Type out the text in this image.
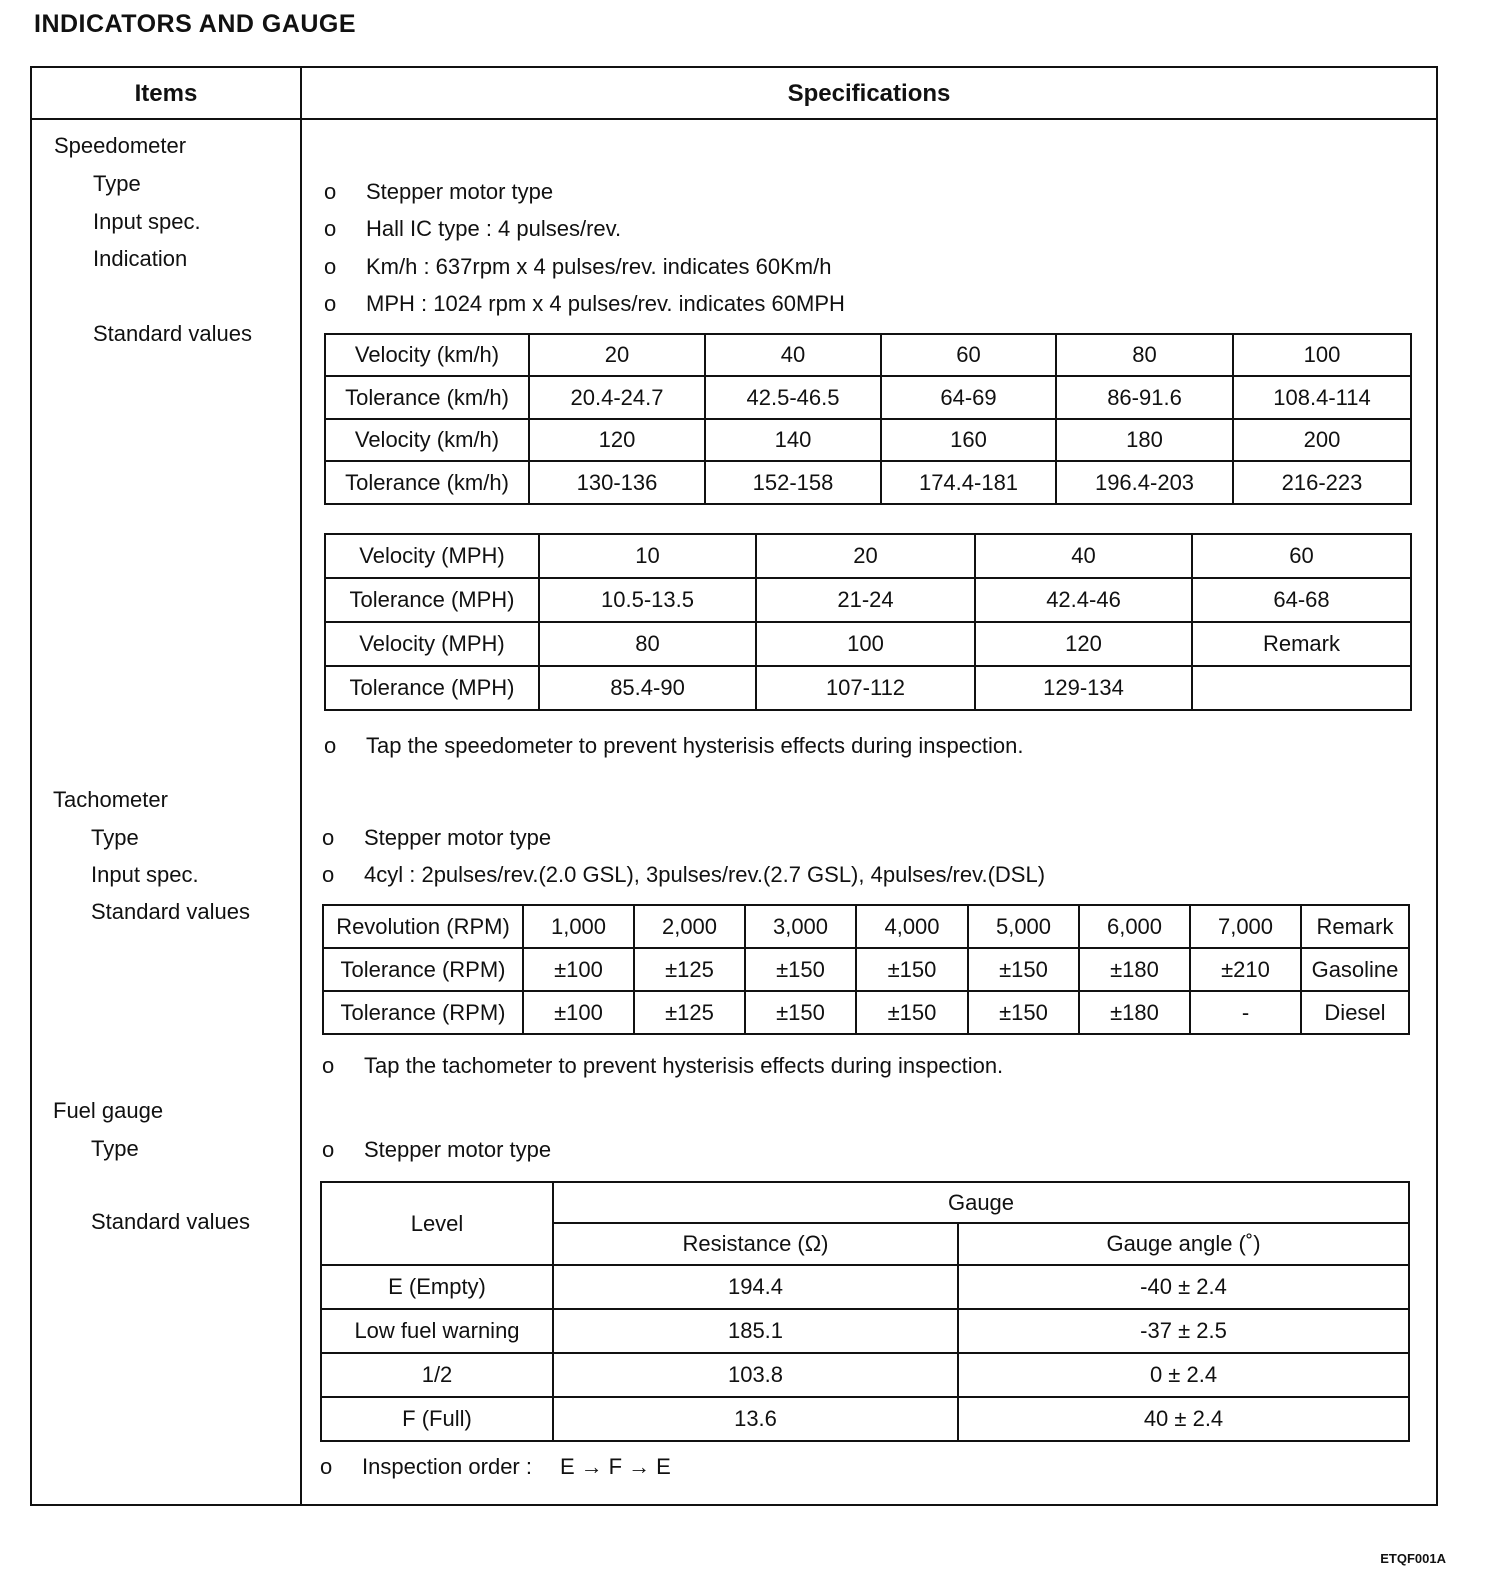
INDICATORS AND GAUGE
Items	Specifications
Speedometer
Type
Input spec.
Indication
Standard values
o Stepper motor type
o Hall IC type : 4 pulses/rev.
o Km/h : 637rpm x 4 pulses/rev. indicates 60Km/h
o MPH : 1024 rpm x 4 pulses/rev. indicates 60MPH
Velocity (km/h)	20	40	60	80	100
Tolerance (km/h)	20.4-24.7	42.5-46.5	64-69	86-91.6	108.4-114
Velocity (km/h)	120	140	160	180	200
Tolerance (km/h)	130-136	152-158	174.4-181	196.4-203	216-223
Velocity (MPH)	10	20	40	60
Tolerance (MPH)	10.5-13.5	21-24	42.4-46	64-68
Velocity (MPH)	80	100	120	Remark
Tolerance (MPH)	85.4-90	107-112	129-134	
o Tap the speedometer to prevent hysterisis effects during inspection.
Tachometer
Type
Input spec.
Standard values
o Stepper motor type
o 4cyl : 2pulses/rev.(2.0 GSL), 3pulses/rev.(2.7 GSL), 4pulses/rev.(DSL)
Revolution (RPM)	1,000	2,000	3,000	4,000	5,000	6,000	7,000	Remark
Tolerance (RPM)	±100	±125	±150	±150	±150	±180	±210	Gasoline
Tolerance (RPM)	±100	±125	±150	±150	±150	±180	-	Diesel
o Tap the tachometer to prevent hysterisis effects during inspection.
Fuel gauge
Type
Standard values
o Stepper motor type
Level	Gauge	
	Resistance (Ω)	Gauge angle (˚)
E (Empty)	194.4	-40 ± 2.4
Low fuel warning	185.1	-37 ± 2.5
1/2	103.8	0 ± 2.4
F (Full)	13.6	40 ± 2.4
o Inspection order : E → F → E
ETQF001A
